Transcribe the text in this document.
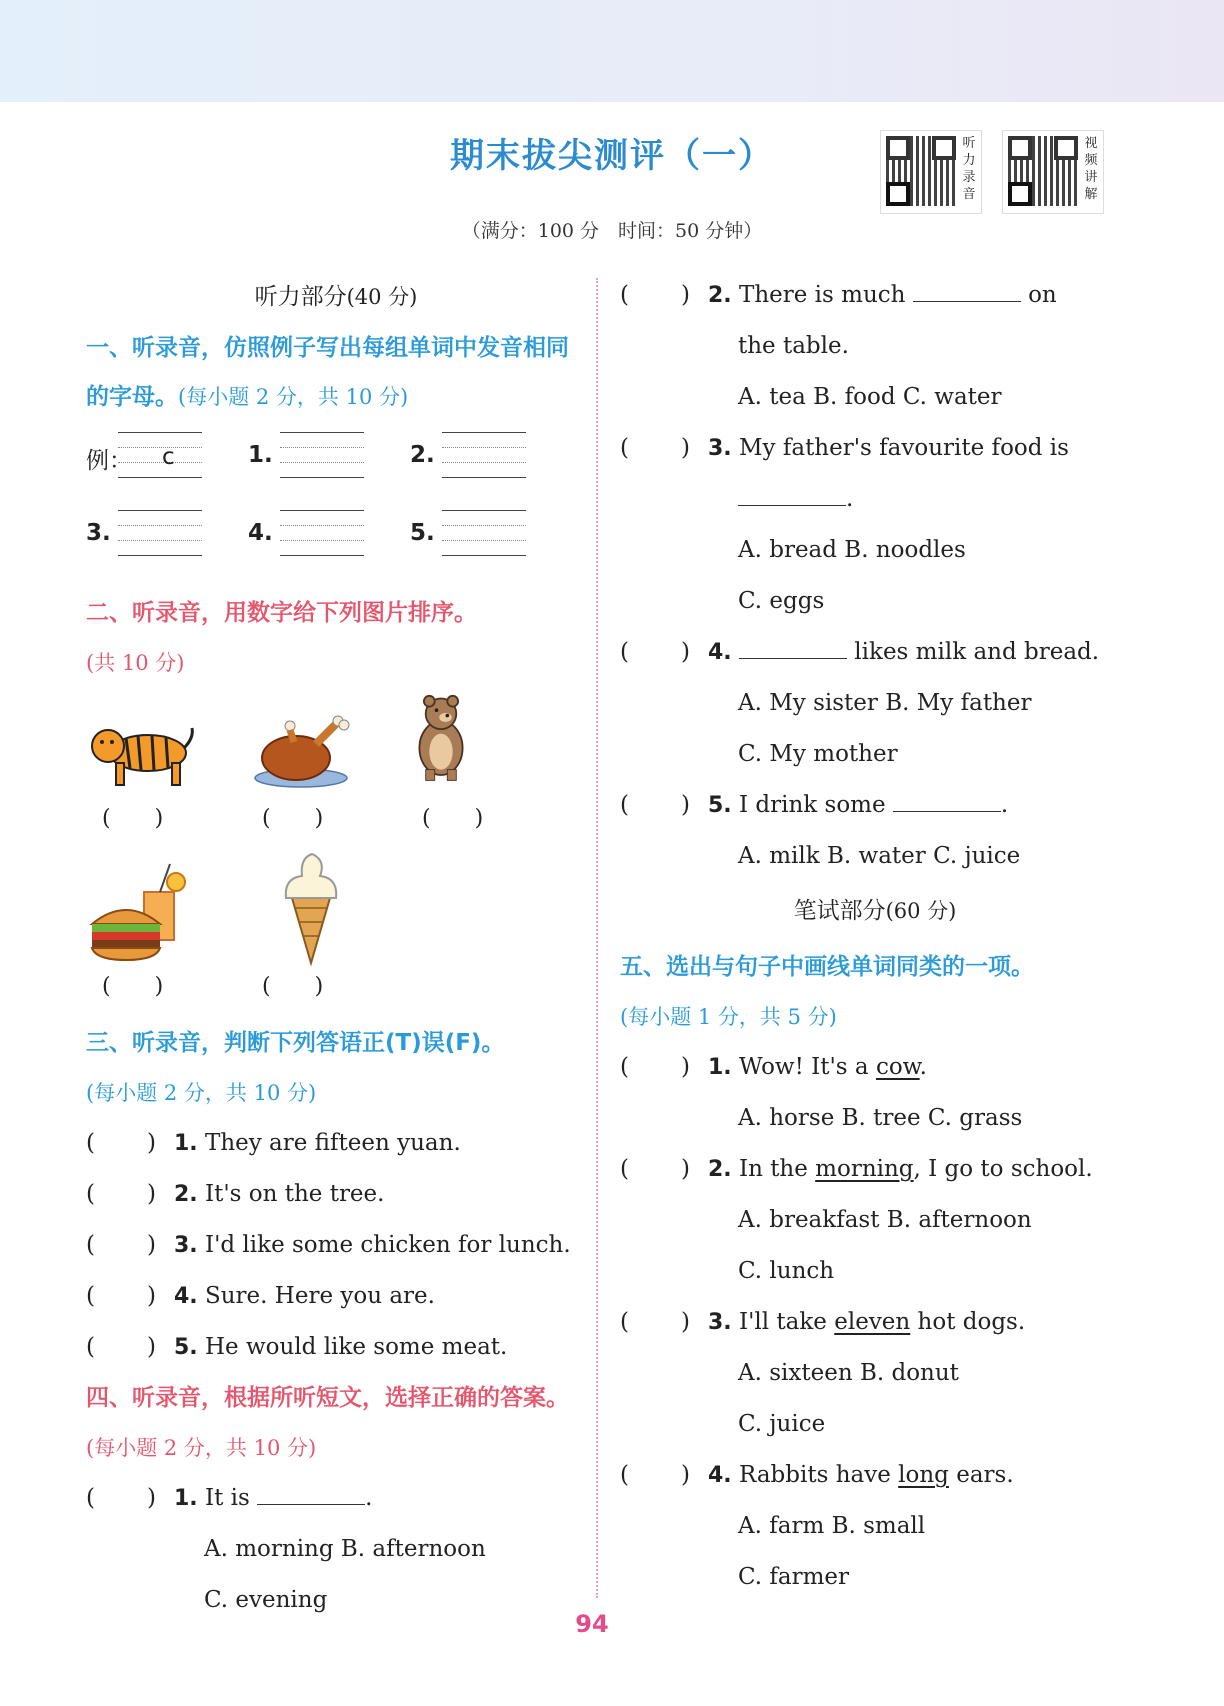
期末拔尖测评（一）	听力录音
视频讲解
（满分：100 分　时间：50 分钟）
听力部分(40 分)
一、听录音，仿照例子写出每组单词中发音相同的字母。(每小题 2 分，共 10 分)
例： c	1.	2.
3.	4.	5.
二、听录音，用数字给下列图片排序。
(共 10 分)
( )	( )	( )
( )	( )
三、听录音，判断下列答语正(T)误(F)。
(每小题 2 分，共 10 分)
( ) 1. They are fifteen yuan.
( ) 2. It's on the tree.
( ) 3. I'd like some chicken for lunch.
( ) 4. Sure. Here you are.
( ) 5. He would like some meat.
四、听录音，根据所听短文，选择正确的答案。(每小题 2 分，共 10 分)
( ) 1. It is	.
A. morning B. afternoon
C. evening
( ) 2. There is much	on
the table.
A. tea B. food C. water
( ) 3. My father's favourite food is
.
A. bread B. noodles
C. eggs
( ) 4.	likes milk and bread.
A. My sister B. My father
C. My mother
( ) 5. I drink some	.
A. milk B. water C. juice
笔试部分(60 分)
五、选出与句子中画线单词同类的一项。
(每小题 1 分，共 5 分)
( ) 1. Wow! It's a cow.
A. horse B. tree C. grass
( ) 2. In the morning, I go to school.
A. breakfast B. afternoon
C. lunch
( ) 3. I'll take eleven hot dogs.
A. sixteen B. donut
C. juice
( ) 4. Rabbits have long ears.
A. farm B. small
C. farmer
94
